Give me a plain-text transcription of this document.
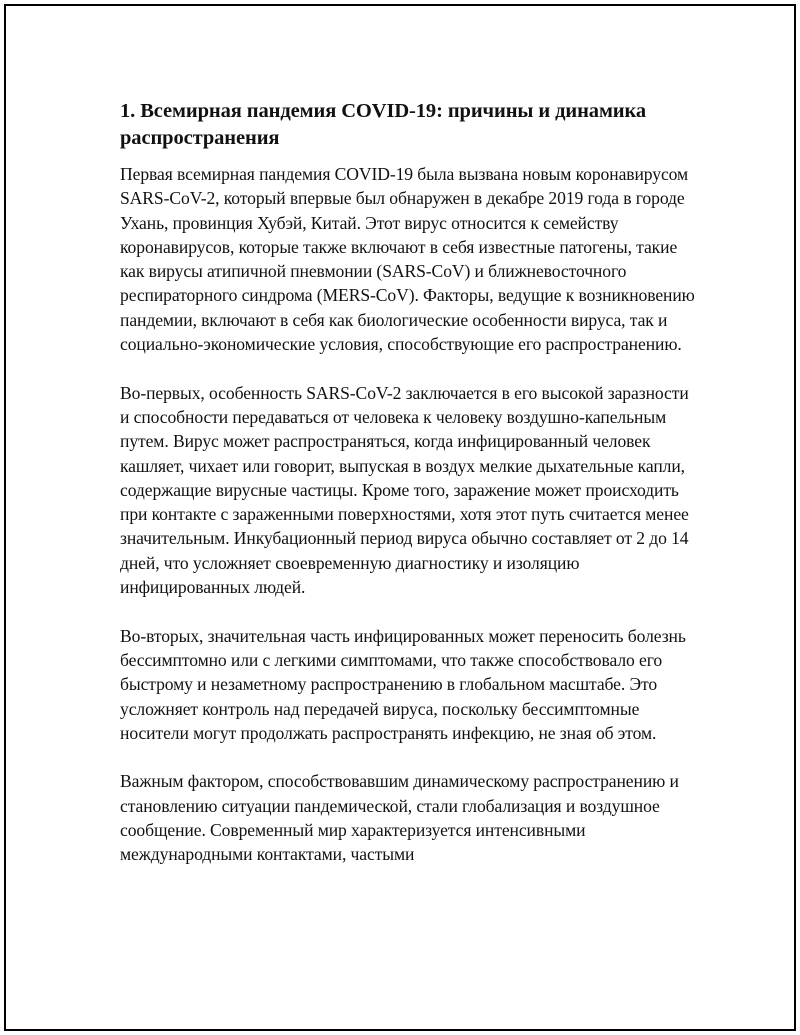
1. Всемирная пандемия COVID-19: причины и динамика распространения

Первая всемирная пандемия COVID-19 была вызвана новым коронавирусом SARS-CoV-2, который впервые был обнаружен в декабре 2019 года в городе Ухань, провинция Хубэй, Китай. Этот вирус относится к семейству коронавирусов, которые также включают в себя известные патогены, такие как вирусы атипичной пневмонии (SARS-CoV) и ближневосточного респираторного синдрома (MERS-CoV). Факторы, ведущие к возникновению пандемии, включают в себя как биологические особенности вируса, так и социально-экономические условия, способствующие его распространению.

Во-первых, особенность SARS-CoV-2 заключается в его высокой заразности и способности передаваться от человека к человеку воздушно-капельным путем. Вирус может распространяться, когда инфицированный человек кашляет, чихает или говорит, выпуская в воздух мелкие дыхательные капли, содержащие вирусные частицы. Кроме того, заражение может происходить при контакте с зараженными поверхностями, хотя этот путь считается менее значительным. Инкубационный период вируса обычно составляет от 2 до 14 дней, что усложняет своевременную диагностику и изоляцию инфицированных людей.

Во-вторых, значительная часть инфицированных может переносить болезнь бессимптомно или с легкими симптомами, что также способствовало его быстрому и незаметному распространению в глобальном масштабе. Это усложняет контроль над передачей вируса, поскольку бессимптомные носители могут продолжать распространять инфекцию, не зная об этом.

Важным фактором, способствовавшим динамическому распространению и становлению ситуации пандемической, стали глобализация и воздушное сообщение. Современный мир характеризуется интенсивными международными контактами, частыми
